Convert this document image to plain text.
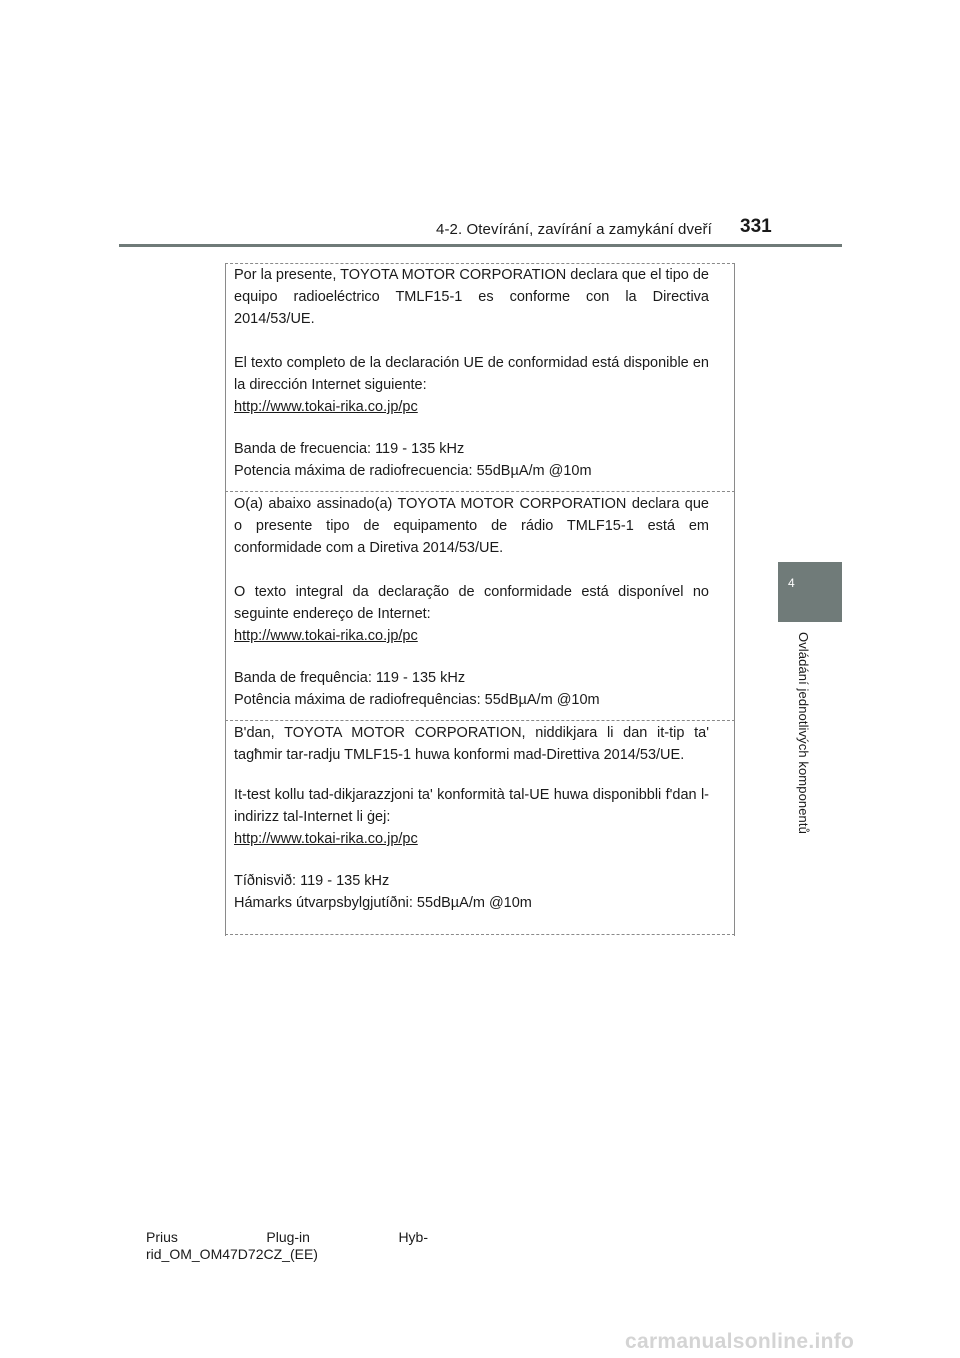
4-2. Otevírání, zavírání a zamykání dveří 331
4
Ovládání jednotlivých komponentů

Por la presente, TOYOTA MOTOR CORPORATION declara que el tipo de equipo radioeléctrico TMLF15-1 es conforme con la Directiva 2014/53/UE.

El texto completo de la declaración UE de conformidad está disponible en la dirección Internet siguiente:

http://www.tokai-rika.co.jp/pc

Banda de frecuencia: 119 - 135 kHz

Potencia máxima de radiofrecuencia: 55dBµA/m @10m

O(a) abaixo assinado(a) TOYOTA MOTOR CORPORATION declara que o presente tipo de equipamento de rádio TMLF15-1 está em conformidade com a Diretiva 2014/53/UE.

O texto integral da declaração de conformidade está disponível no seguinte endereço de Internet:

http://www.tokai-rika.co.jp/pc

Banda de frequência: 119 - 135 kHz

Potência máxima de radiofrequências: 55dBµA/m @10m

B'dan, TOYOTA MOTOR CORPORATION, niddikjara li dan it-tip ta' tagħmir tar-radju TMLF15-1 huwa konformi mad-Direttiva 2014/53/UE.

It-test kollu tad-dikjarazzjoni ta' konformità tal-UE huwa disponibbli f'dan l-indirizz tal-Internet li ġej:

http://www.tokai-rika.co.jp/pc

Tíðnisvið: 119 - 135 kHz

Hámarks útvarpsbylgjutíðni: 55dBµA/m @10m

Prius	Plug-in	Hyb-
rid_OM_OM47D72CZ_(EE)
carmanualsonline.info
